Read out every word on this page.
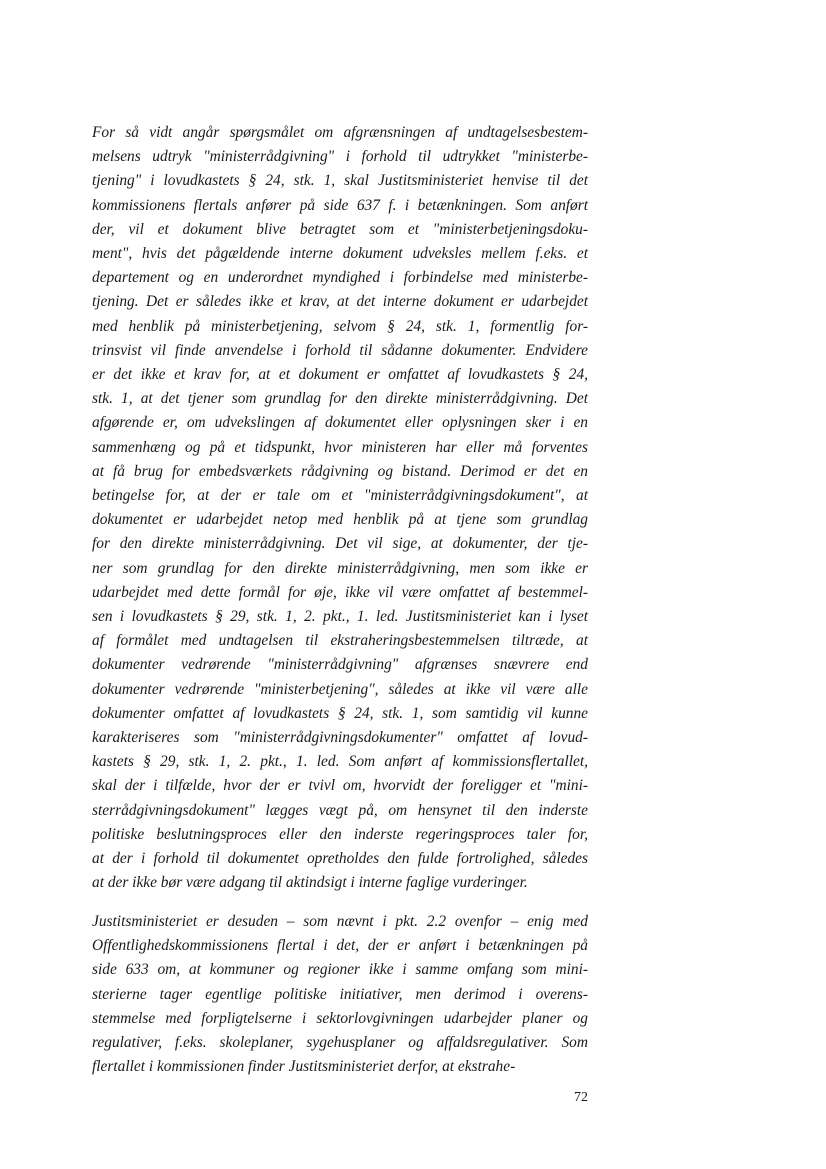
For så vidt angår spørgsmålet om afgrænsningen af undtagelsesbestem-
melsens udtryk "ministerrådgivning" i forhold til udtrykket "ministerbe-
tjening" i lovudkastets § 24, stk. 1, skal Justitsministeriet henvise til det
kommissionens flertals anfører på side 637 f. i betænkningen. Som anført
der, vil et dokument blive betragtet som et "ministerbetjeningsdoku-
ment", hvis det pågældende interne dokument udveksles mellem f.eks. et
departement og en underordnet myndighed i forbindelse med ministerbe-
tjening. Det er således ikke et krav, at det interne dokument er udarbejdet
med henblik på ministerbetjening, selvom § 24, stk. 1, formentlig for-
trinsvist vil finde anvendelse i forhold til sådanne dokumenter. Endvidere
er det ikke et krav for, at et dokument er omfattet af lovudkastets § 24,
stk. 1, at det tjener som grundlag for den direkte ministerrådgivning. Det
afgørende er, om udvekslingen af dokumentet eller oplysningen sker i en
sammenhæng og på et tidspunkt, hvor ministeren har eller må forventes
at få brug for embedsværkets rådgivning og bistand. Derimod er det en
betingelse for, at der er tale om et "ministerrådgivningsdokument", at
dokumentet er udarbejdet netop med henblik på at tjene som grundlag
for den direkte ministerrådgivning. Det vil sige, at dokumenter, der tje-
ner som grundlag for den direkte ministerrådgivning, men som ikke er
udarbejdet med dette formål for øje, ikke vil være omfattet af bestemmel-
sen i lovudkastets § 29, stk. 1, 2. pkt., 1. led. Justitsministeriet kan i lyset
af formålet med undtagelsen til ekstraheringsbestemmelsen tiltræde, at
dokumenter vedrørende "ministerrådgivning" afgrænses snævrere end
dokumenter vedrørende "ministerbetjening", således at ikke vil være alle
dokumenter omfattet af lovudkastets § 24, stk. 1, som samtidig vil kunne
karakteriseres som "ministerrådgivningsdokumenter" omfattet af lovud-
kastets § 29, stk. 1, 2. pkt., 1. led. Som anført af kommissionsflertallet,
skal der i tilfælde, hvor der er tvivl om, hvorvidt der foreligger et "mini-
sterrådgivningsdokument" lægges vægt på, om hensynet til den inderste
politiske beslutningsproces eller den inderste regeringsproces taler for,
at der i forhold til dokumentet opretholdes den fulde fortrolighed, således
at der ikke bør være adgang til aktindsigt i interne faglige vurderinger.
Justitsministeriet er desuden – som nævnt i pkt. 2.2 ovenfor – enig med
Offentlighedskommissionens flertal i det, der er anført i betænkningen på
side 633 om, at kommuner og regioner ikke i samme omfang som mini-
sterierne tager egentlige politiske initiativer, men derimod i overens-
stemmelse med forpligtelserne i sektorlovgivningen udarbejder planer og
regulativer, f.eks. skoleplaner, sygehusplaner og affaldsregulativer. Som
flertallet i kommissionen finder Justitsministeriet derfor, at ekstrahe-
72
